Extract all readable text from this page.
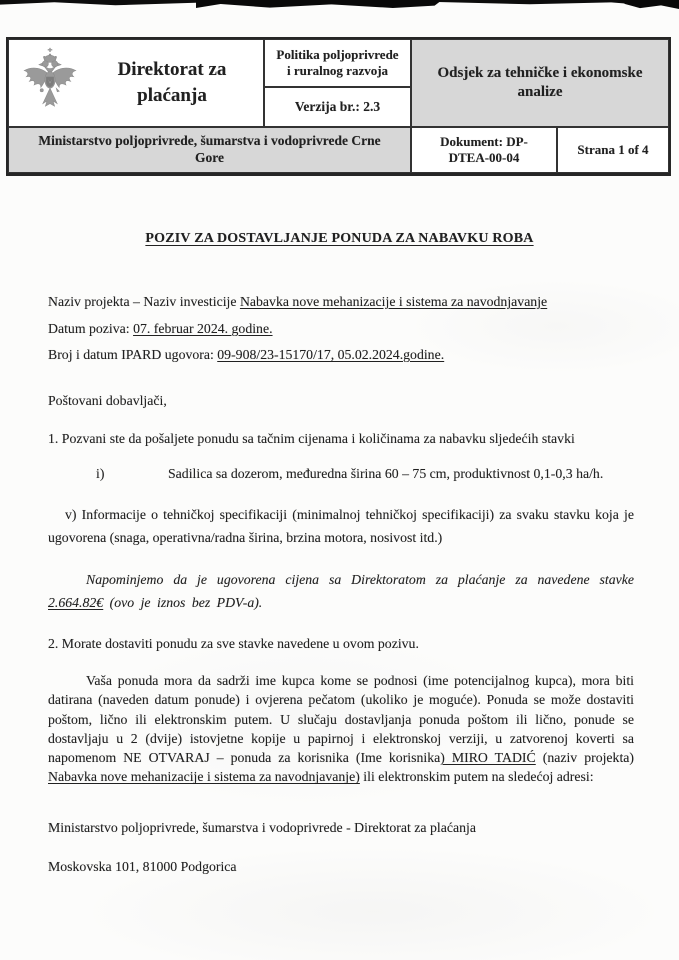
Direktorat za plaćanja
Politika poljoprivrede i ruralnog razvoja
Verzija br.: 2.3
Odsjek za tehničke i ekonomske analize
Ministarstvo poljoprivrede, šumarstva i vodoprivrede Crne Gore
Dokument: DP-DTEA-00-04
Strana 1 of 4
POZIV ZA DOSTAVLJANJE PONUDA ZA NABAVKU ROBA
Naziv projekta – Naziv investicije Nabavka nove mehanizacije i sistema za navodnjavanje
Datum poziva: 07. februar 2024. godine.
Broj i datum IPARD ugovora: 09-908/23-15170/17, 05.02.2024.godine.
Poštovani dobavljači,
1. Pozvani ste da pošaljete ponudu sa tačnim cijenama i količinama za nabavku sljedećih stavki
i)	Sadilica sa dozerom, međuredna širina 60 – 75 cm, produktivnost 0,1-0,3 ha/h.
v) Informacije o tehničkoj specifikaciji (minimalnoj tehničkoj specifikaciji) za svaku stavku koja je ugovorena (snaga, operativna/radna širina, brzina motora, nosivost itd.)
Napominjemo da je ugovorena cijena sa Direktoratom za plaćanje za navedene stavke 2.664.82€ (ovo je iznos bez PDV-a).
2. Morate dostaviti ponudu za sve stavke navedene u ovom pozivu.
Vaša ponuda mora da sadrži ime kupca kome se podnosi (ime potencijalnog kupca), mora biti datirana (naveden datum ponude) i ovjerena pečatom (ukoliko je moguće). Ponuda se može dostaviti poštom, lično ili elektronskim putem. U slučaju dostavljanja ponuda poštom ili lično, ponude se dostavljaju u 2 (dvije) istovjetne kopije u papirnoj i elektronskoj verziji, u zatvorenoj koverti sa napomenom NE OTVARAJ – ponuda za korisnika (Ime korisnika) MIRO TADIĆ (naziv projekta) Nabavka nove mehanizacije i sistema za navodnjavanje) ili elektronskim putem na sledećoj adresi:
Ministarstvo poljoprivrede, šumarstva i vodoprivrede - Direktorat za plaćanja
Moskovska 101, 81000 Podgorica
